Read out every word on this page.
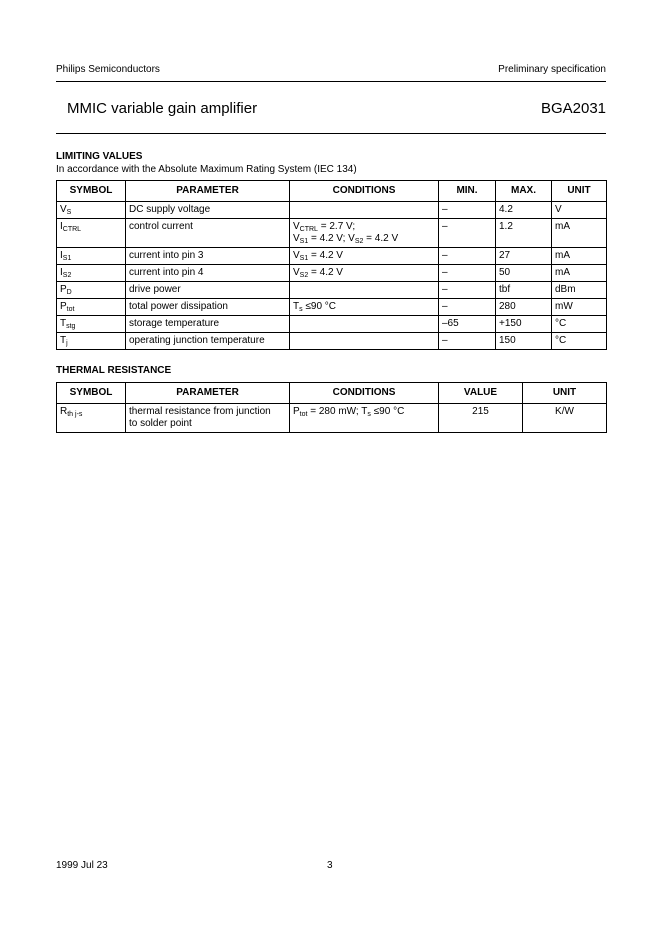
Philips Semiconductors	Preliminary specification
MMIC variable gain amplifier	BGA2031
LIMITING VALUES
In accordance with the Absolute Maximum Rating System (IEC 134)
SYMBOL	PARAMETER	CONDITIONS	MIN.	MAX.	UNIT
$V_S$	DC supply voltage		–	4.2	V
$I_{CTRL}$	control current	$V_{CTRL} = 2.7$ V;
$V_{S1} = 4.2$ V; $V_{S2} = 4.2$ V	–	1.2	mA
$I_{S1}$	current into pin 3	$V_{S1} = 4.2$ V	–	27	mA
$I_{S2}$	current into pin 4	$V_{S2} = 4.2$ V	–	50	mA
$P_D$	drive power		–	tbf	dBm
$P_{tot}$	total power dissipation	$T_s \le 90$ °C	–	280	mW
$T_{stg}$	storage temperature		–65	+150	°C
$T_j$	operating junction temperature		–	150	°C
THERMAL RESISTANCE
SYMBOL	PARAMETER	CONDITIONS	VALUE	UNIT
$R_{th j-s}$	thermal resistance from junction
to solder point	$P_{tot} = 280$ mW; $T_s \le 90$ °C	215	K/W
1999 Jul 23	3
